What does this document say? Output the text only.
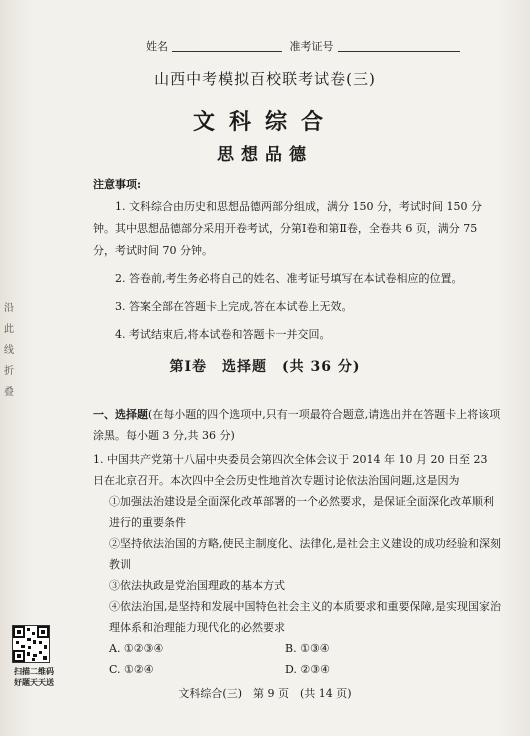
姓名	准考证号
山西中考模拟百校联考试卷(三)
文科综合
思想品德
注意事项:

1. 文科综合由历史和思想品德两部分组成，满分 150 分，考试时间 150 分钟。其中思想品德部分采用开卷考试，分第Ⅰ卷和第Ⅱ卷，全卷共 6 页，满分 75 分，考试时间 70 分钟。

2. 答卷前,考生务必将自己的姓名、准考证号填写在本试卷相应的位置。

3. 答案全部在答题卡上完成,答在本试卷上无效。

4. 考试结束后,将本试卷和答题卡一并交回。

沿
此
线
折
叠
第Ⅰ卷　选择题　(共 36 分)

一、选择题(在每小题的四个选项中,只有一项最符合题意,请选出并在答题卡上将该项涂黑。每小题 3 分,共 36 分)

1. 中国共产党第十八届中央委员会第四次全体会议于 2014 年 10 月 20 日至 23 日在北京召开。本次四中全会历史性地首次专题讨论依法治国问题,这是因为

①加强法治建设是全面深化改革部署的一个必然要求，是保证全面深化改革顺利进行的重要条件

②坚持依法治国的方略,使民主制度化、法律化,是社会主义建设的成功经验和深刻教训

③依法执政是党治国理政的基本方式

④依法治国,是坚持和发展中国特色社会主义的本质要求和重要保障,是实现国家治理体系和治理能力现代化的必然要求

A. ①②③④	B. ①③④
C. ①②④	D. ②③④
扫描二维码
好题天天送
文科综合(三)　第 9 页　(共 14 页)
